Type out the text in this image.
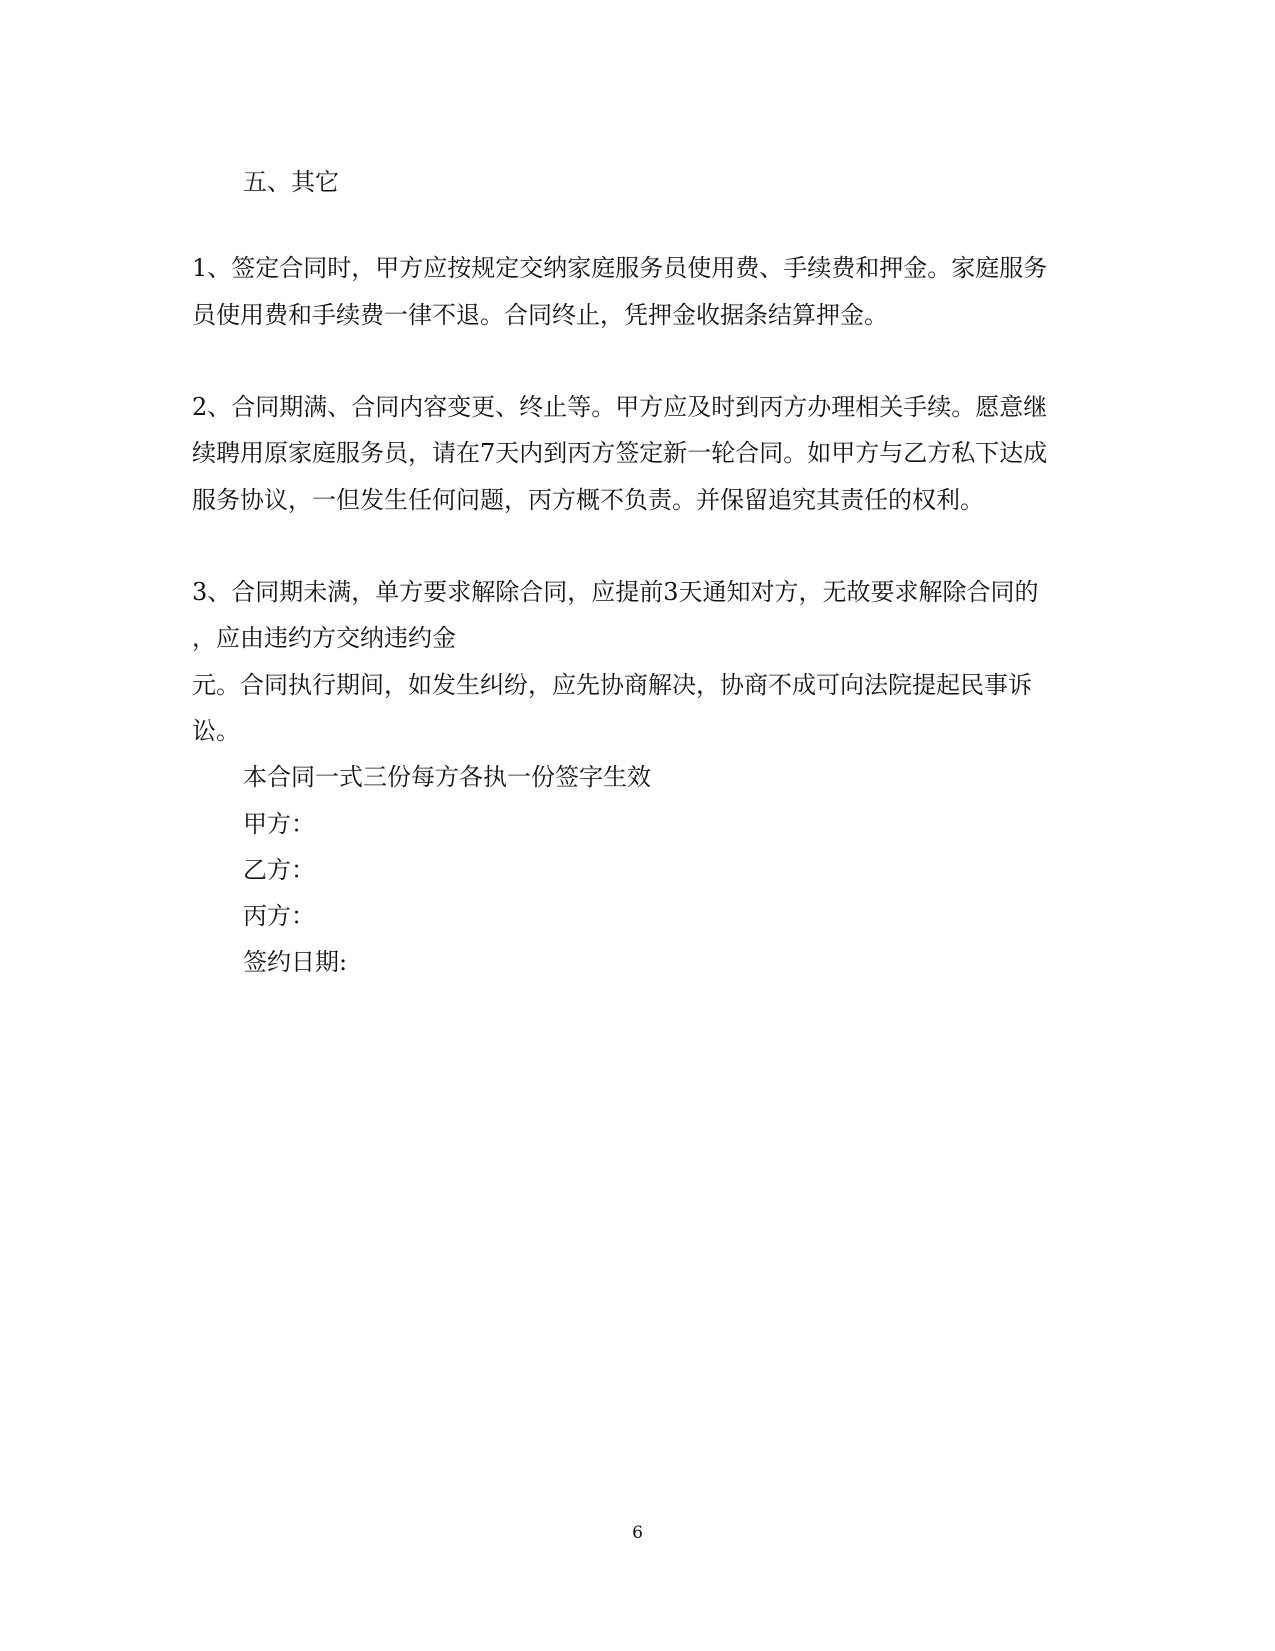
五、其它

1、签定合同时，甲方应按规定交纳家庭服务员使用费、手续费和押金。家庭服务

员使用费和手续费一律不退。合同终止，凭押金收据条结算押金。

2、合同期满、合同内容变更、终止等。甲方应及时到丙方办理相关手续。愿意继

续聘用原家庭服务员，请在7天内到丙方签定新一轮合同。如甲方与乙方私下达成

服务协议，一但发生任何问题，丙方概不负责。并保留追究其责任的权利。

3、合同期未满，单方要求解除合同，应提前3天通知对方，无故要求解除合同的

，应由违约方交纳违约金

元。合同执行期间，如发生纠纷，应先协商解决，协商不成可向法院提起民事诉

讼。

本合同一式三份每方各执一份签字生效

甲方：

乙方：

丙方：

签约日期:

6
